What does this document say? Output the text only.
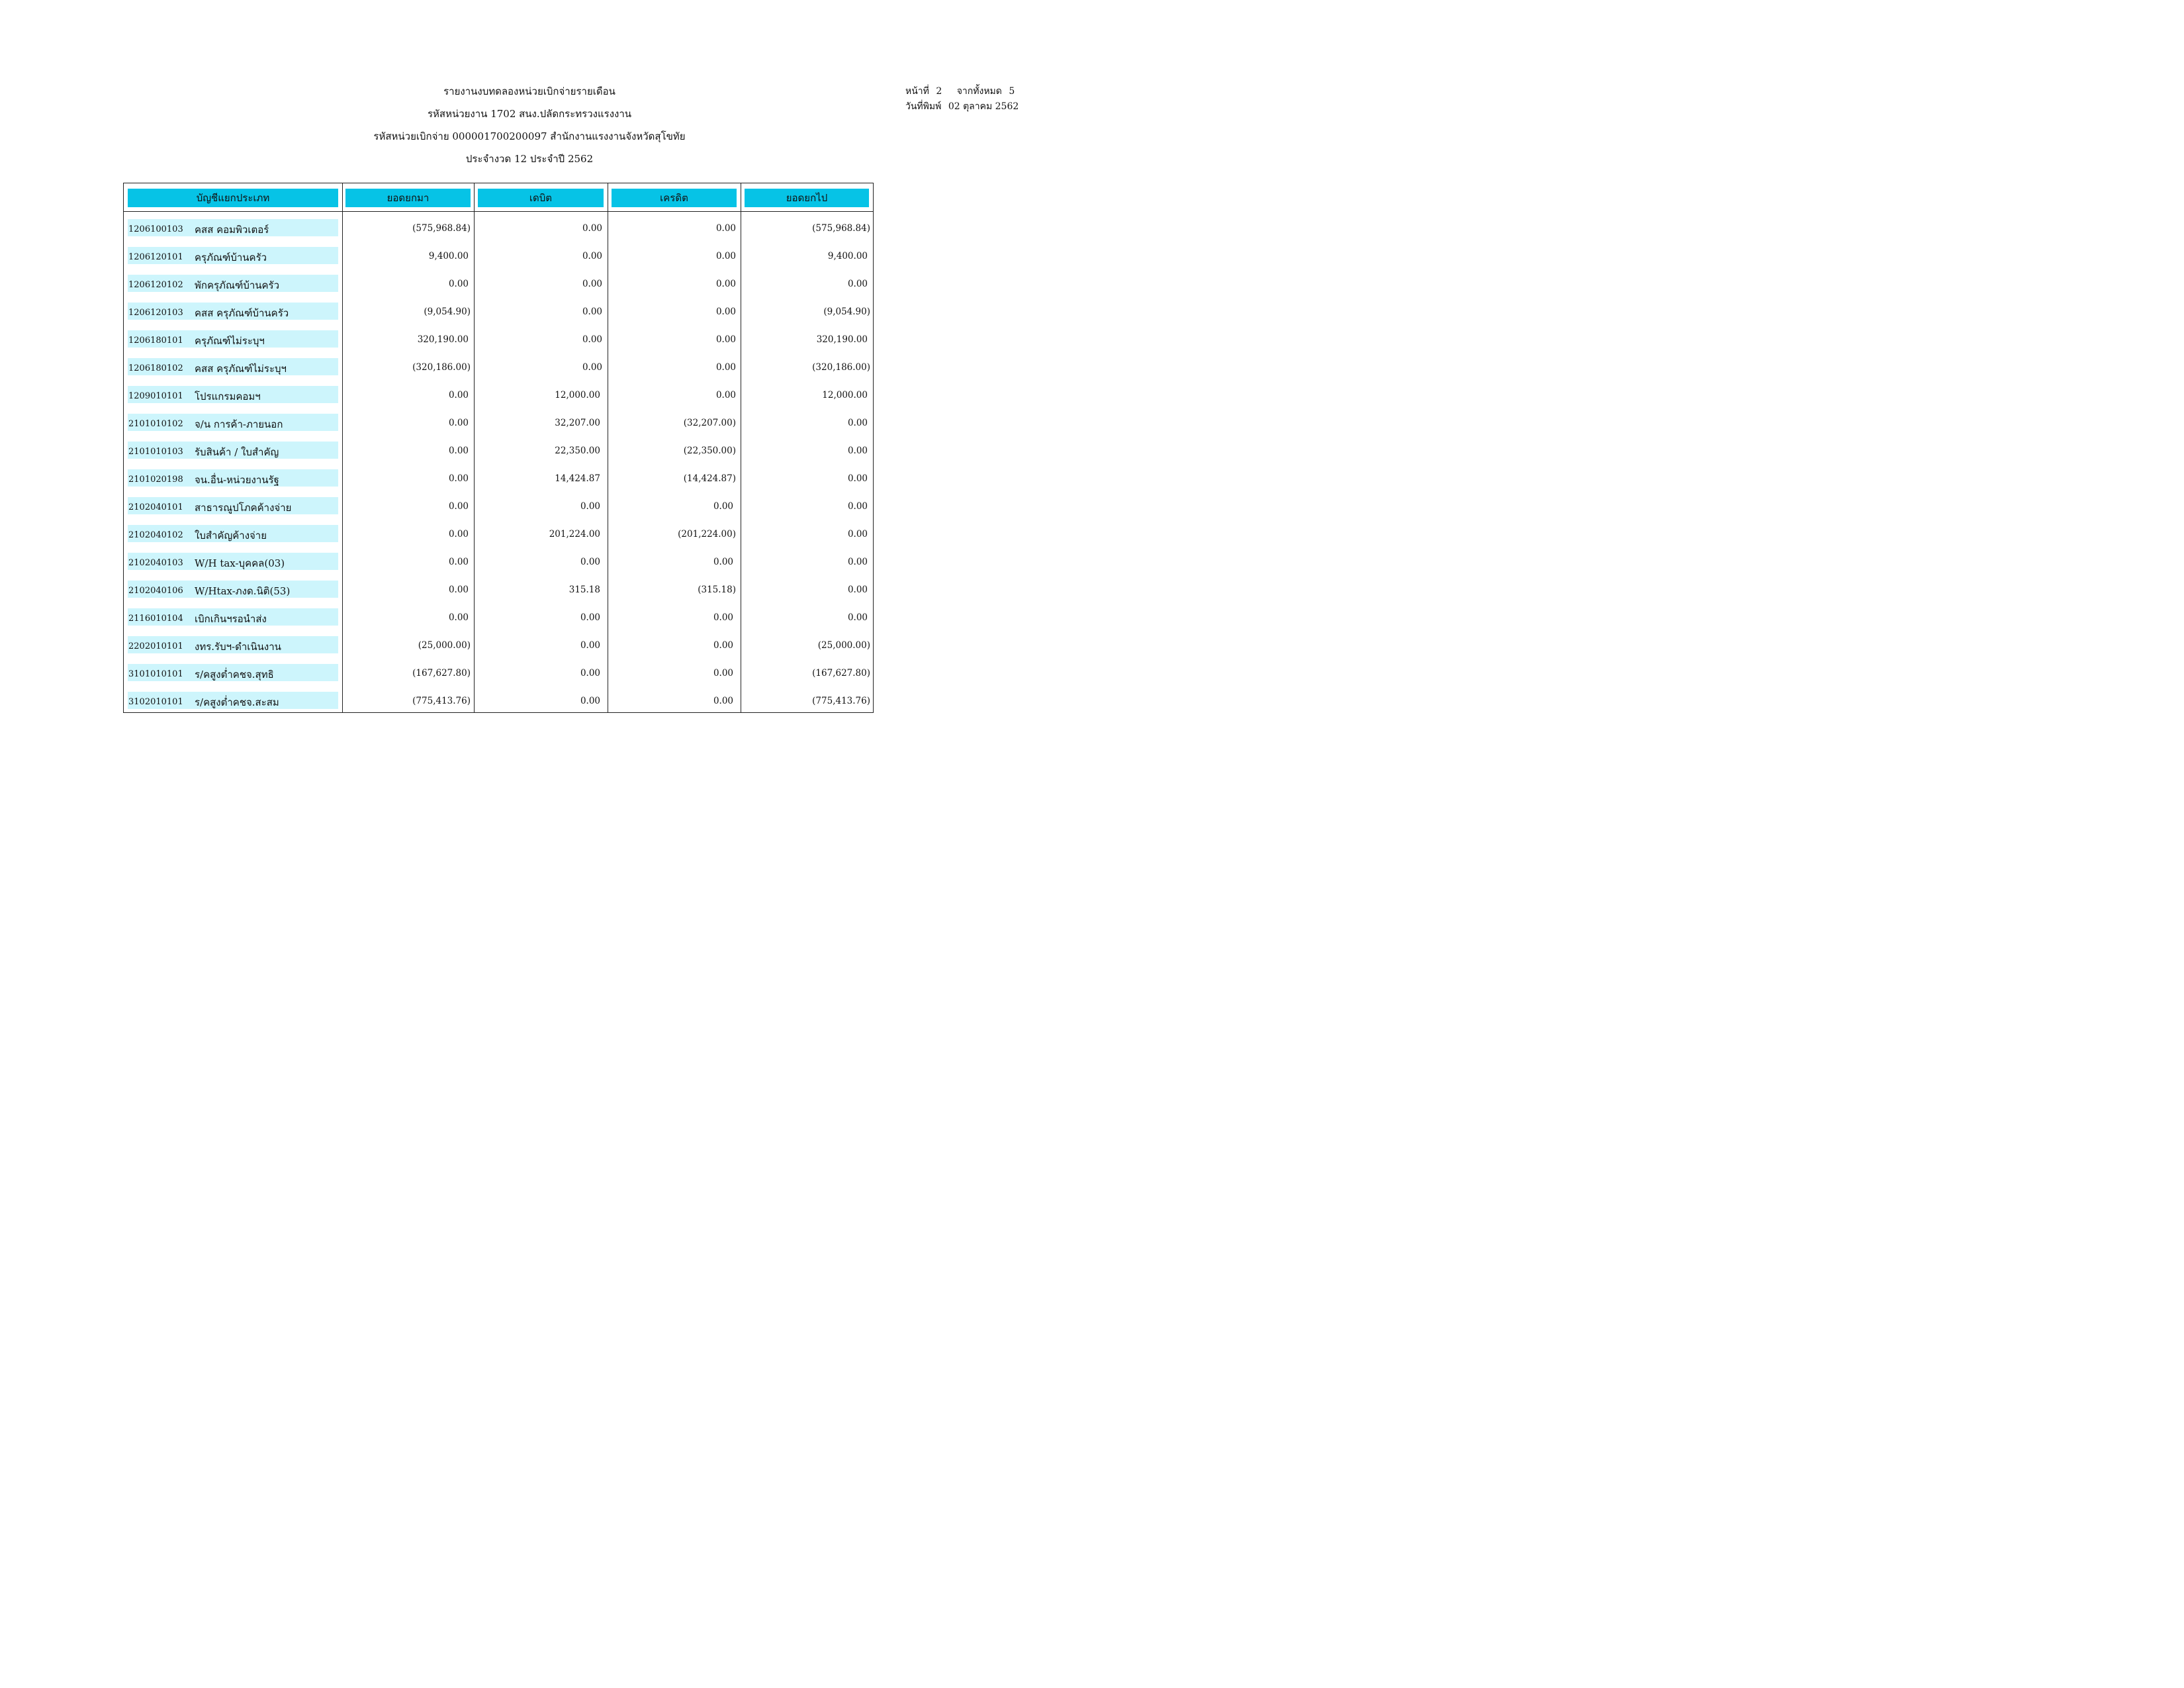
รายงานงบทดลองหน่วยเบิกจ่ายรายเดือน
รหัสหน่วยงาน 1702 สนง.ปลัดกระทรวงแรงงาน
รหัสหน่วยเบิกจ่าย 000001700200097 สำนักงานแรงงานจังหวัดสุโขทัย
ประจำงวด 12 ประจำปี 2562
หน้าที่ 2 จากทั้งหมด 5
วันที่พิมพ์ 02 ตุลาคม 2562
บัญชีแยกประเภท	ยอดยกมา	เดบิต	เครดิต	ยอดยกไป
1206100103 คสส คอมพิวเตอร์	(575,968.84)	0.00	0.00	(575,968.84)
1206120101 ครุภัณฑ์บ้านครัว	9,400.00	0.00	0.00	9,400.00
1206120102 พักครุภัณฑ์บ้านครัว	0.00	0.00	0.00	0.00
1206120103 คสส ครุภัณฑ์บ้านครัว	(9,054.90)	0.00	0.00	(9,054.90)
1206180101 ครุภัณฑ์ไม่ระบุฯ	320,190.00	0.00	0.00	320,190.00
1206180102 คสส ครุภัณฑ์ไม่ระบุฯ	(320,186.00)	0.00	0.00	(320,186.00)
1209010101 โปรแกรมคอมฯ	0.00	12,000.00	0.00	12,000.00
2101010102 จ/น การค้า-ภายนอก	0.00	32,207.00	(32,207.00)	0.00
2101010103 รับสินค้า / ใบสำคัญ	0.00	22,350.00	(22,350.00)	0.00
2101020198 จน.อื่น-หน่วยงานรัฐ	0.00	14,424.87	(14,424.87)	0.00
2102040101 สาธารณูปโภคค้างจ่าย	0.00	0.00	0.00	0.00
2102040102 ใบสำคัญค้างจ่าย	0.00	201,224.00	(201,224.00)	0.00
2102040103 W/H tax-บุคคล(03)	0.00	0.00	0.00	0.00
2102040106 W/Htax-ภงด.นิติ(53)	0.00	315.18	(315.18)	0.00
2116010104 เบิกเกินฯรอนำส่ง	0.00	0.00	0.00	0.00
2202010101 งทร.รับฯ-ดำเนินงาน	(25,000.00)	0.00	0.00	(25,000.00)
3101010101 ร/คสูงต่ำคชจ.สุทธิ	(167,627.80)	0.00	0.00	(167,627.80)
3102010101 ร/คสูงต่ำคชจ.สะสม	(775,413.76)	0.00	0.00	(775,413.76)
